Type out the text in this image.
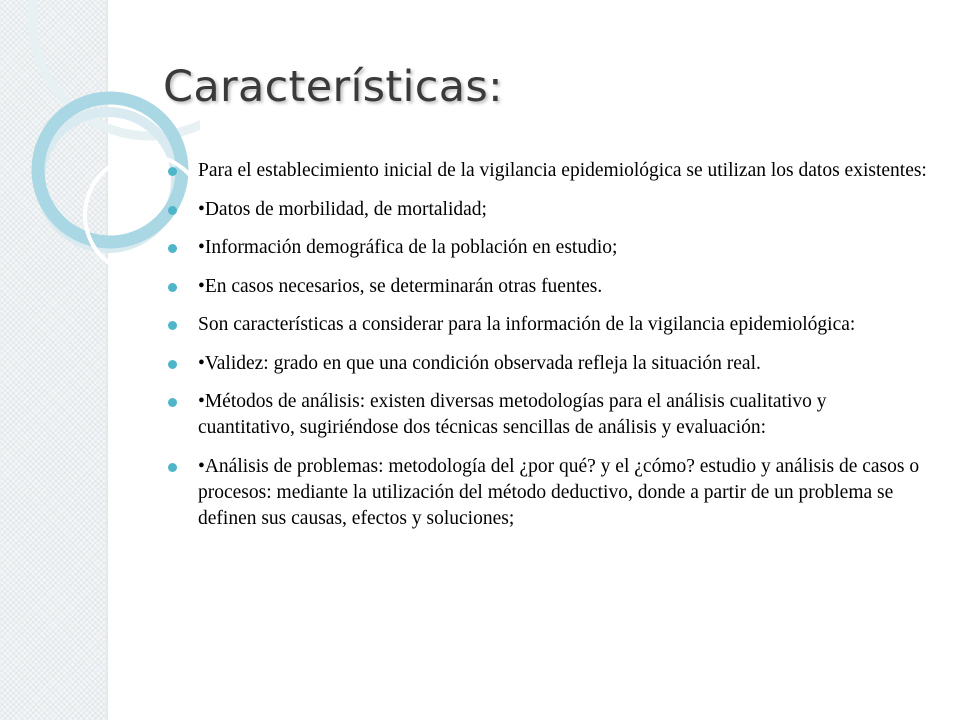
Características:
Para el establecimiento inicial de la vigilancia epidemiológica se utilizan los datos existentes:
•Datos de morbilidad, de mortalidad;
•Información demográfica de la población en estudio;
•En casos necesarios, se determinarán otras fuentes.
Son características a considerar para la información de la vigilancia epidemiológica:
•Validez: grado en que una condición observada refleja la situación real.
•Métodos de análisis: existen diversas metodologías para el análisis cualitativo y cuantitativo, sugiriéndose dos técnicas sencillas de análisis y evaluación:
•Análisis de problemas: metodología del ¿por qué? y el ¿cómo? estudio y análisis de casos o procesos: mediante la utilización del método deductivo, donde a partir de un problema se definen sus causas, efectos y soluciones;
